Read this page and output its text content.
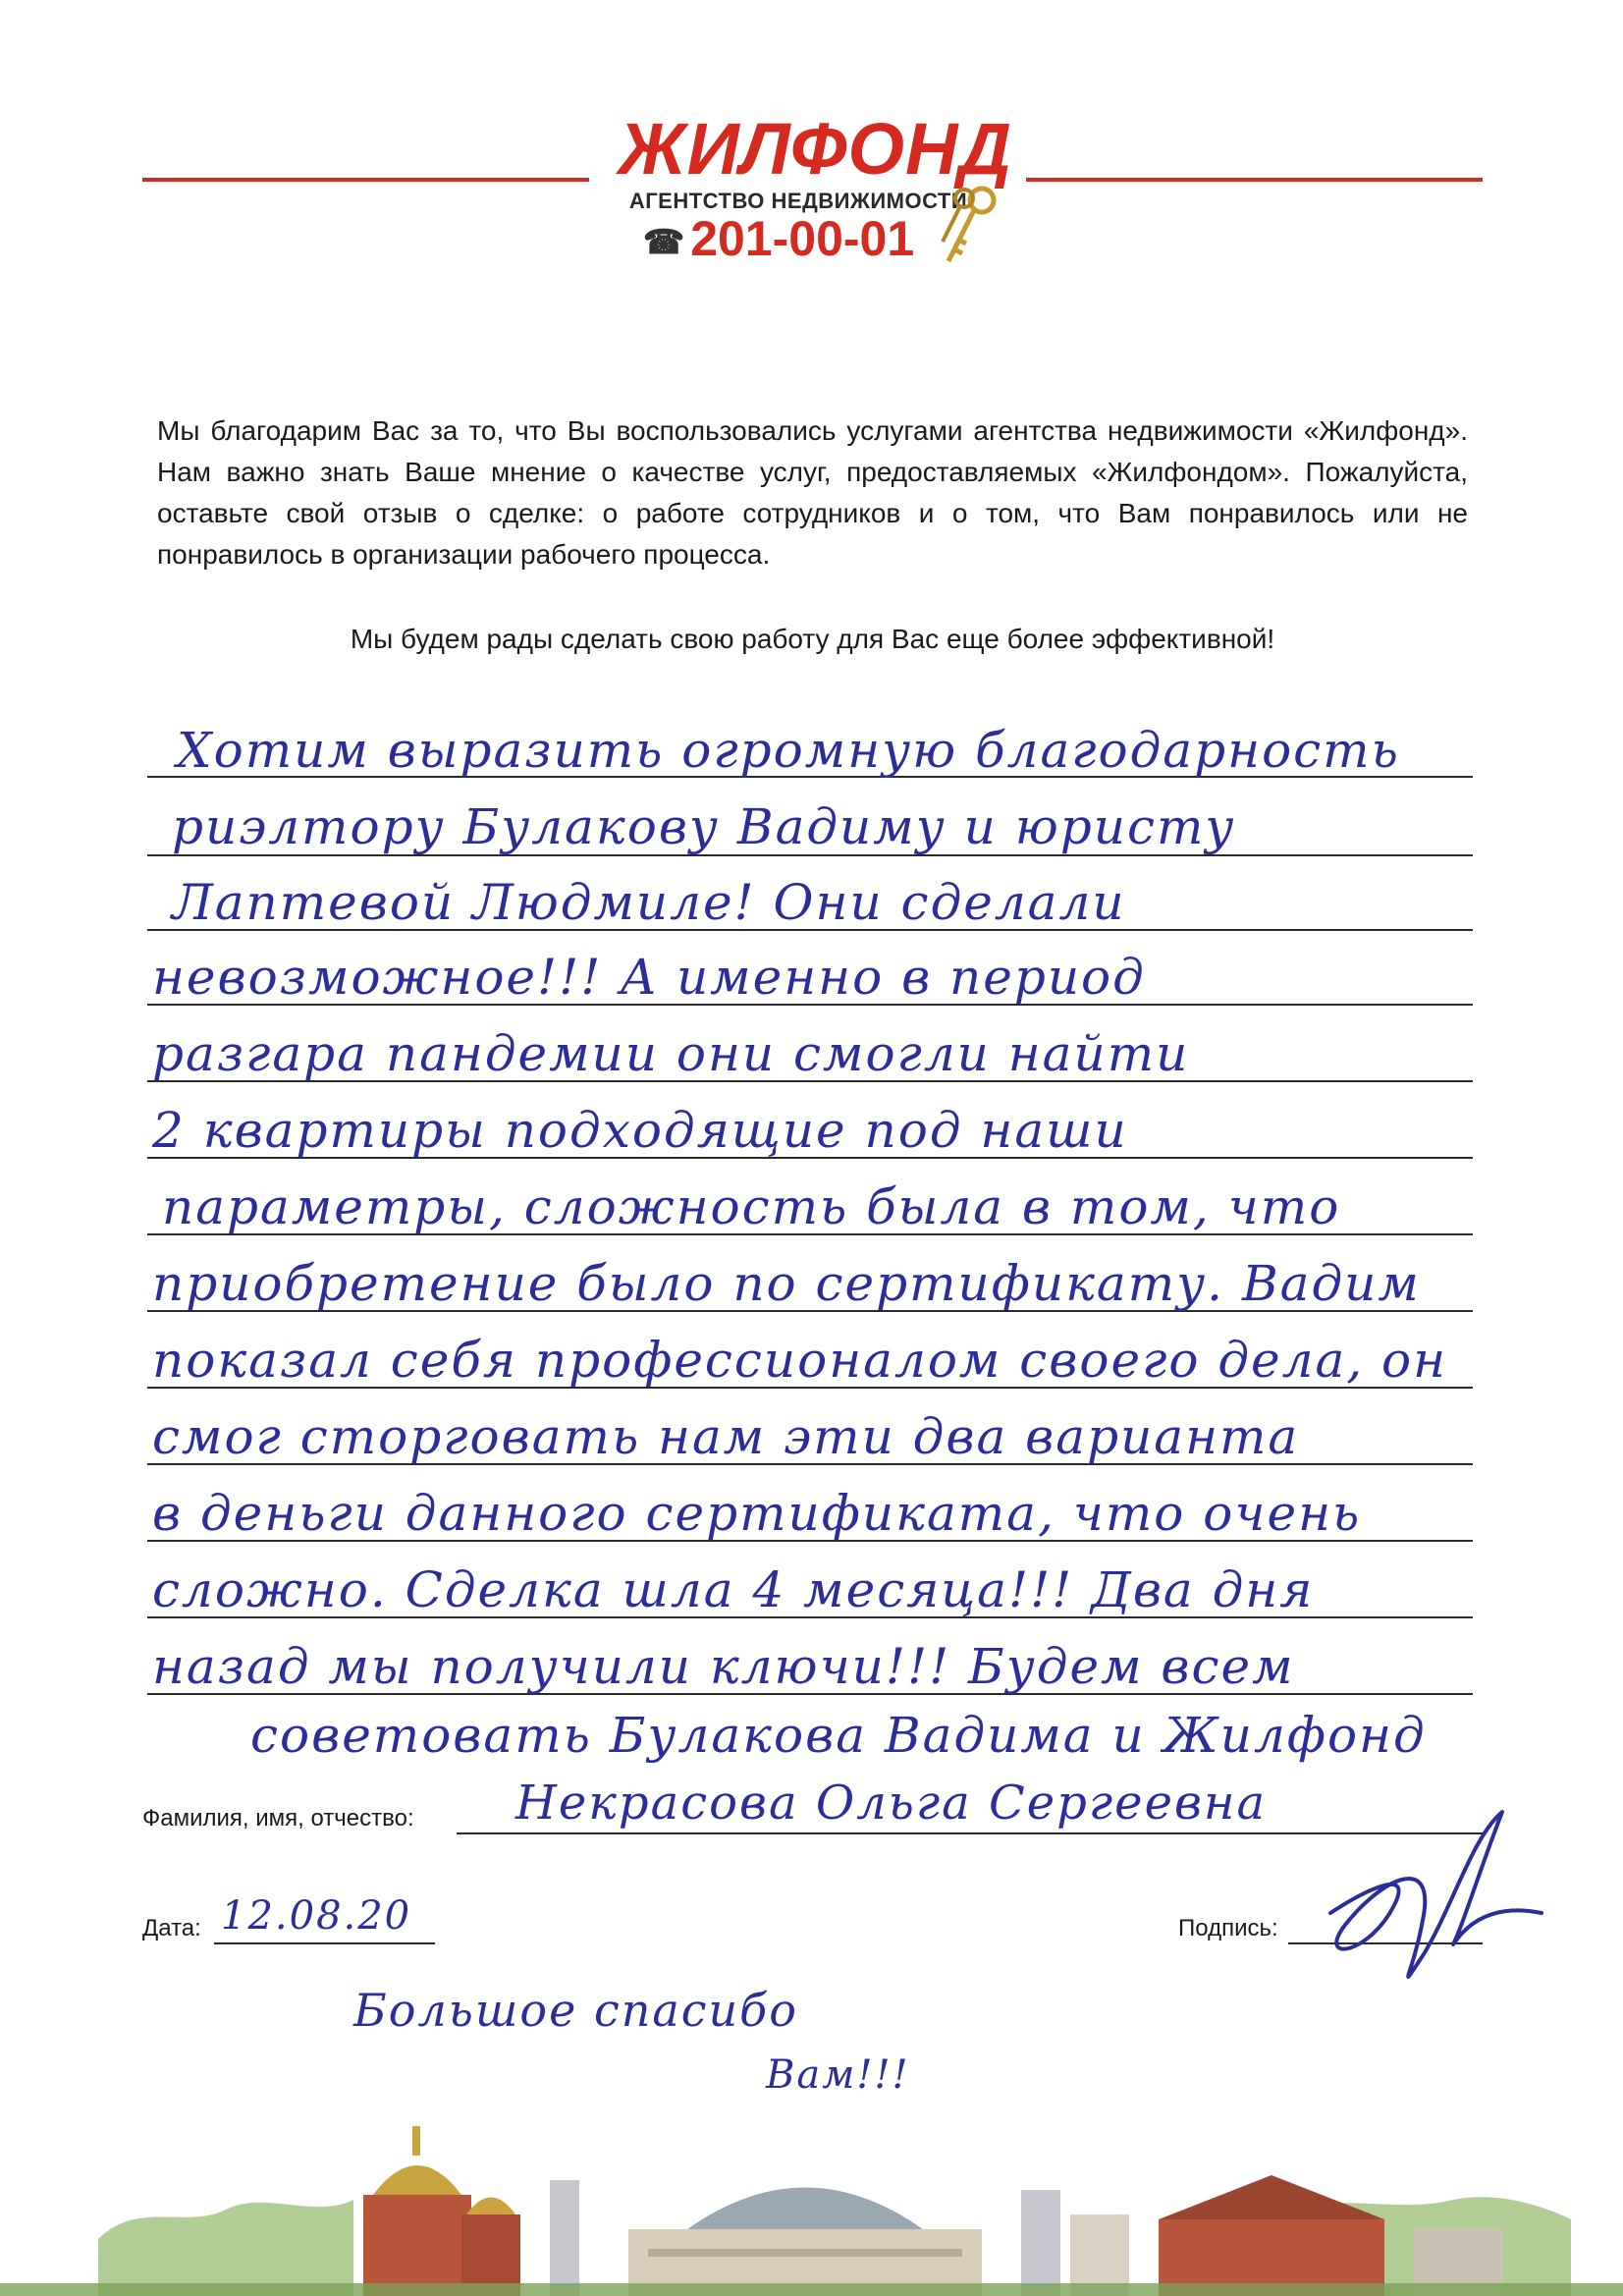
ЖИЛФОНД
АГЕНТСТВО НЕДВИЖИМОСТИ
☎ 201-00-01
Мы благодарим Вас за то, что Вы воспользовались услугами агентства недвижимости «Жилфонд». Нам важно знать Ваше мнение о качестве услуг, предоставляемых «Жилфондом». Пожалуйста, оставьте свой отзыв о сделке: о работе сотрудников и о том, что Вам понравилось или не понравилось в организации рабочего процесса.
Мы будем рады сделать свою работу для Вас еще более эффективной!
Хотим выразить огромную благодарность
риэлтору Булакову Вадиму и юристу
Лаптевой Людмиле! Они сделали
невозможное!!! А именно в период
разгара пандемии они смогли найти
2 квартиры подходящие под наши
параметры, сложность была в том, что
приобретение было по сертификату. Вадим
показал себя профессионалом своего дела, он
смог сторговать нам эти два варианта
в деньги данного сертификата, что очень
сложно. Сделка шла 4 месяца!!! Два дня
назад мы получили ключи!!! Будем всем
советовать Булакова Вадима и Жилфонд
Фамилия, имя, отчество: Некрасова Ольга Сергеевна
Дата: 12.08.20	Подпись:
Большое спасибо
Вам!!!
